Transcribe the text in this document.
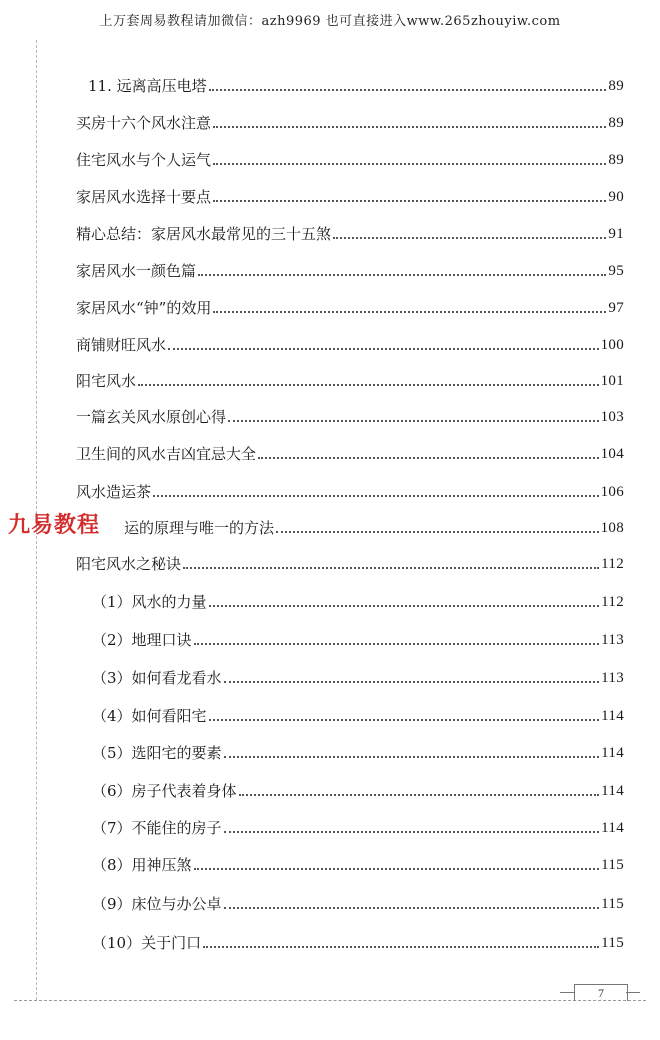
上万套周易教程请加微信：azh9969 也可直接进入www.265zhouyiw.com
11. 远离高压电塔	89
买房十六个风水注意	89
住宅风水与个人运气	89
家居风水选择十要点	90
精心总结：家居风水最常见的三十五煞	91
家居风水一颜色篇	95
家居风水“钟”的效用	97
商铺财旺风水	100
阳宅风水	101
一篇玄关风水原创心得	103
卫生间的风水吉凶宜忌大全	104
风水造运茶	106
运的原理与唯一的方法	108
阳宅风水之秘诀	112
（1）风水的力量	112
（2）地理口诀	113
（3）如何看龙看水	113
（4）如何看阳宅	114
（5）选阳宅的要素	114
（6）房子代表着身体	114
（7）不能住的房子	114
（8）用神压煞	115
（9）床位与办公卓	115
（10）关于门口	115
九易教程
7
